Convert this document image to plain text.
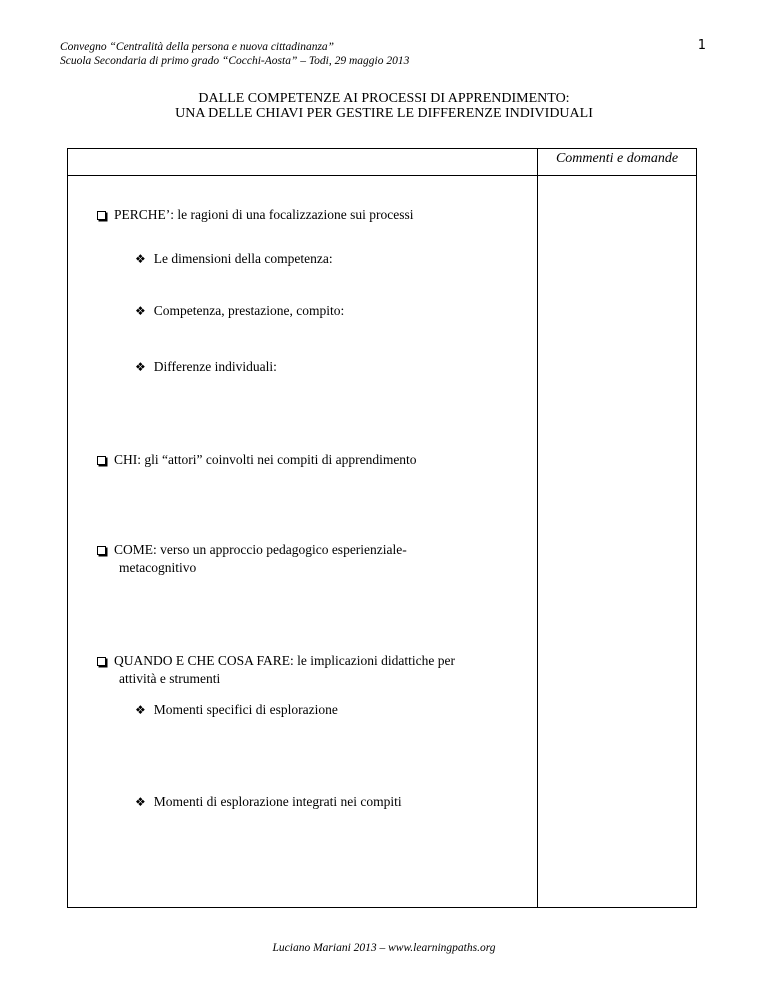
Convegno “Centralità della persona e nuova cittadinanza”
Scuola Secondaria di primo grado “Cocchi-Aosta” – Todi, 29 maggio 2013
1
DALLE COMPETENZE AI PROCESSI DI APPRENDIMENTO:
UNA DELLE CHIAVI PER GESTIRE LE DIFFERENZE INDIVIDUALI
Commenti e domande
PERCHE’: le ragioni di una focalizzazione sui processi
❖ Le dimensioni della competenza:
❖ Competenza, prestazione, compito:
❖ Differenze individuali:
CHI: gli “attori” coinvolti nei compiti di apprendimento
COME: verso un approccio pedagogico esperienziale-
metacognitivo
QUANDO E CHE COSA FARE: le implicazioni didattiche per
attività e strumenti
❖ Momenti specifici di esplorazione
❖ Momenti di esplorazione integrati nei compiti
Luciano Mariani 2013 – www.learningpaths.org
